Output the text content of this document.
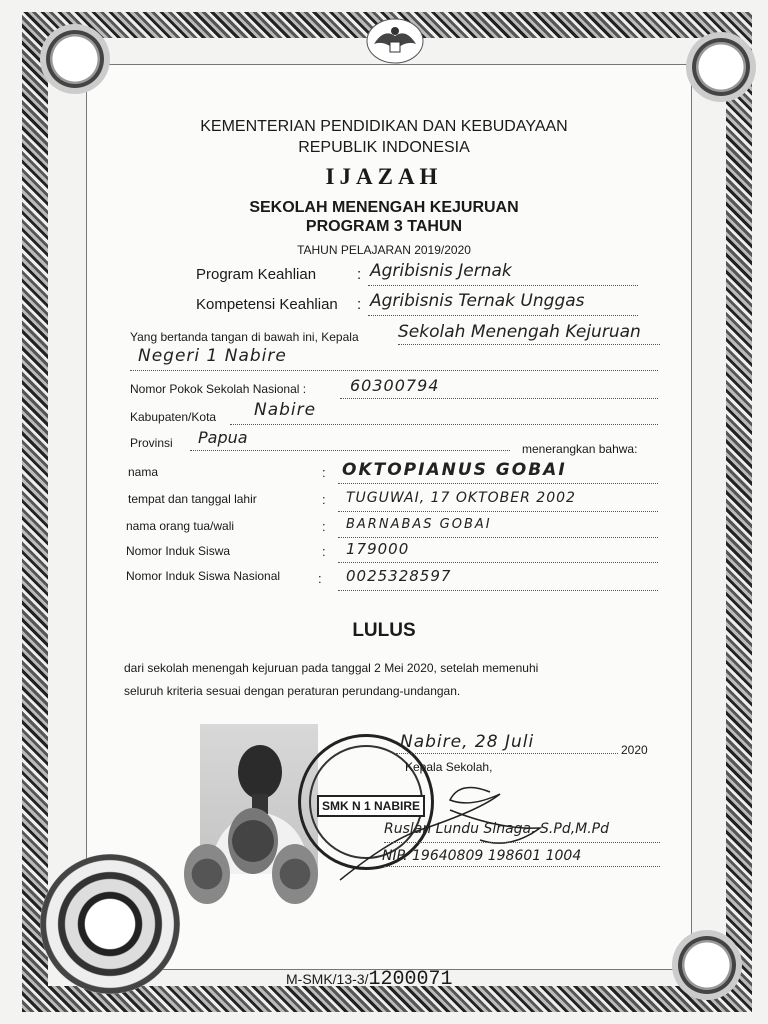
KEMENTERIAN PENDIDIKAN DAN KEBUDAYAAN
REPUBLIK INDONESIA
IJAZAH
SEKOLAH MENENGAH KEJURUAN
PROGRAM 3 TAHUN
TAHUN PELAJARAN 2019/2020
Program Keahlian	: Agribisnis Jernak
Kompetensi Keahlian : Agribisnis Ternak Unggas
Yang bertanda tangan di bawah ini, Kepala Sekolah Menengah Kejuruan
Negeri 1 Nabire
Nomor Pokok Sekolah Nasional :	60300794
Kabupaten/Kota Nabire
Provinsi Papua
menerangkan bahwa:
nama	: OKTOPIANUS GOBAI
tempat dan tanggal lahir	: TUGUWAI, 17 OKTOBER 2002
nama orang tua/wali	: BARNABAS GOBAI
Nomor Induk Siswa	: 179000
Nomor Induk Siswa Nasional	: 0025328597
LULUS
dari sekolah menengah kejuruan pada tanggal 2 Mei 2020, setelah memenuhi
seluruh kriteria sesuai dengan peraturan perundang-undangan.
SMK N 1 NABIRE
Nabire, 28 Juli	2020
Kepala Sekolah,
Ruslan Lundu Sinaga, S.Pd,M.Pd
NIP. 19640809 198601 1004
M-SMK/13-3/1200071
